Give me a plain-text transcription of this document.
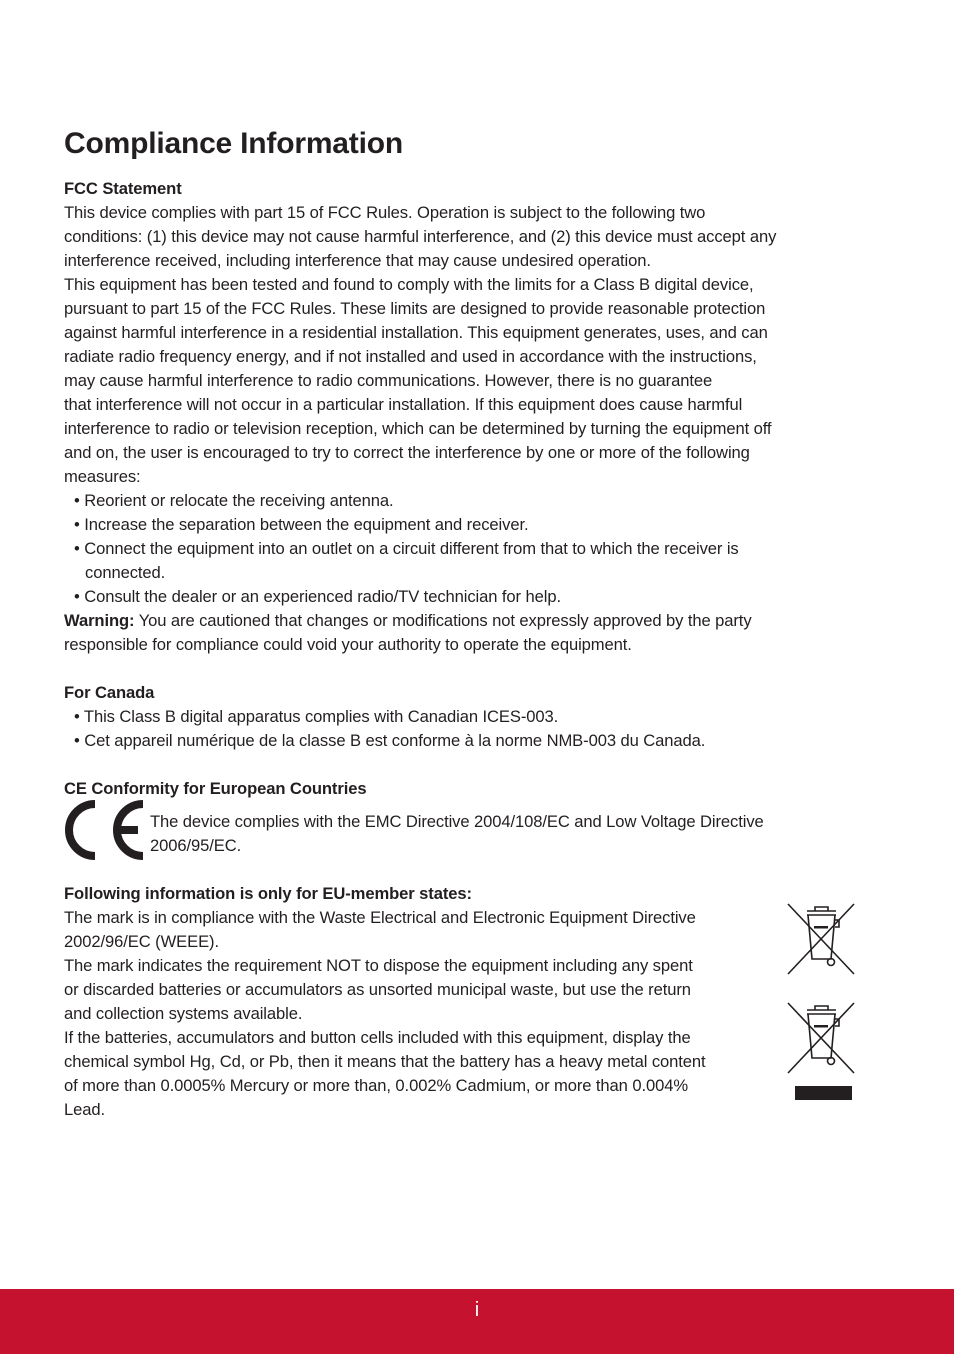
Compliance Information
FCC Statement
This device complies with part 15 of FCC Rules. Operation is subject to the following two
conditions: (1) this device may not cause harmful interference, and (2) this device must accept any
interference received, including interference that may cause undesired operation.
This equipment has been tested and found to comply with the limits for a Class B digital device,
pursuant to part 15 of the FCC Rules. These limits are designed to provide reasonable protection
against harmful interference in a residential installation. This equipment generates, uses, and can
radiate radio frequency energy, and if not installed and used in accordance with the instructions,
may cause harmful interference to radio communications. However, there is no guarantee
that interference will not occur in a particular installation. If this equipment does cause harmful
interference to radio or television reception, which can be determined by turning the equipment off
and on, the user is encouraged to try to correct the interference by one or more of the following
measures:
• Reorient or relocate the receiving antenna.
• Increase the separation between the equipment and receiver.
• Connect the equipment into an outlet on a circuit different from that to which the receiver is
connected.
• Consult the dealer or an experienced radio/TV technician for help.
Warning: You are cautioned that changes or modifications not expressly approved by the party
responsible for compliance could void your authority to operate the equipment.
For Canada
• This Class B digital apparatus complies with Canadian ICES-003.
• Cet appareil numérique de la classe B est conforme à la norme NMB-003 du Canada.
CE Conformity for European Countries
The device complies with the EMC Directive 2004/108/EC and Low Voltage Directive
2006/95/EC.
Following information is only for EU-member states:
The mark is in compliance with the Waste Electrical and Electronic Equipment Directive
2002/96/EC (WEEE).
The mark indicates the requirement NOT to dispose the equipment including any spent
or discarded batteries or accumulators as unsorted municipal waste, but use the return
and collection systems available.
If the batteries, accumulators and button cells included with this equipment, display the
chemical symbol Hg, Cd, or Pb, then it means that the battery has a heavy metal content
of more than 0.0005% Mercury or more than, 0.002% Cadmium, or more than 0.004%
Lead.
i
